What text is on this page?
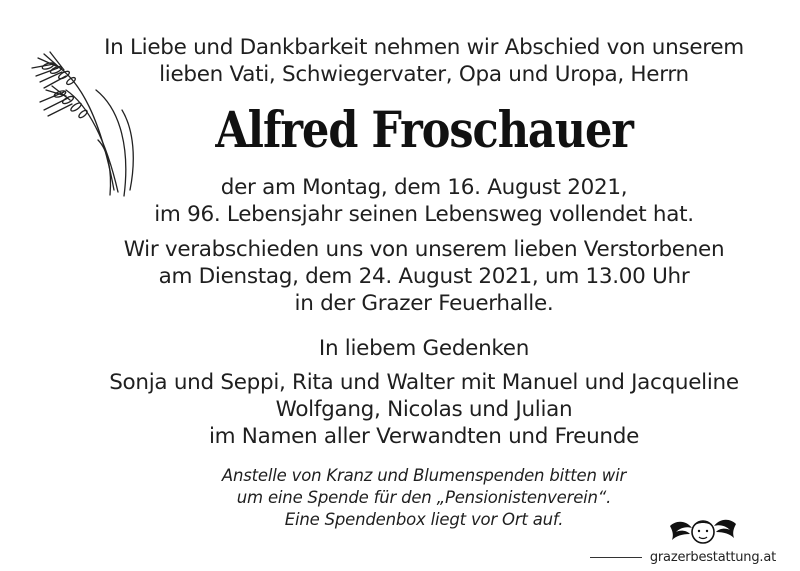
In Liebe und Dankbarkeit nehmen wir Abschied von unserem
lieben Vati, Schwiegervater, Opa und Uropa, Herrn
Alfred Froschauer
der am Montag, dem 16. August 2021,
im 96. Lebensjahr seinen Lebensweg vollendet hat.
Wir verabschieden uns von unserem lieben Verstorbenen
am Dienstag, dem 24. August 2021, um 13.00 Uhr
in der Grazer Feuerhalle.
In liebem Gedenken
Sonja und Seppi, Rita und Walter mit Manuel und Jacqueline
Wolfgang, Nicolas und Julian
im Namen aller Verwandten und Freunde
Anstelle von Kranz und Blumenspenden bitten wir
um eine Spende für den „Pensionistenverein“.
Eine Spendenbox liegt vor Ort auf.
grazerbestattung.at
